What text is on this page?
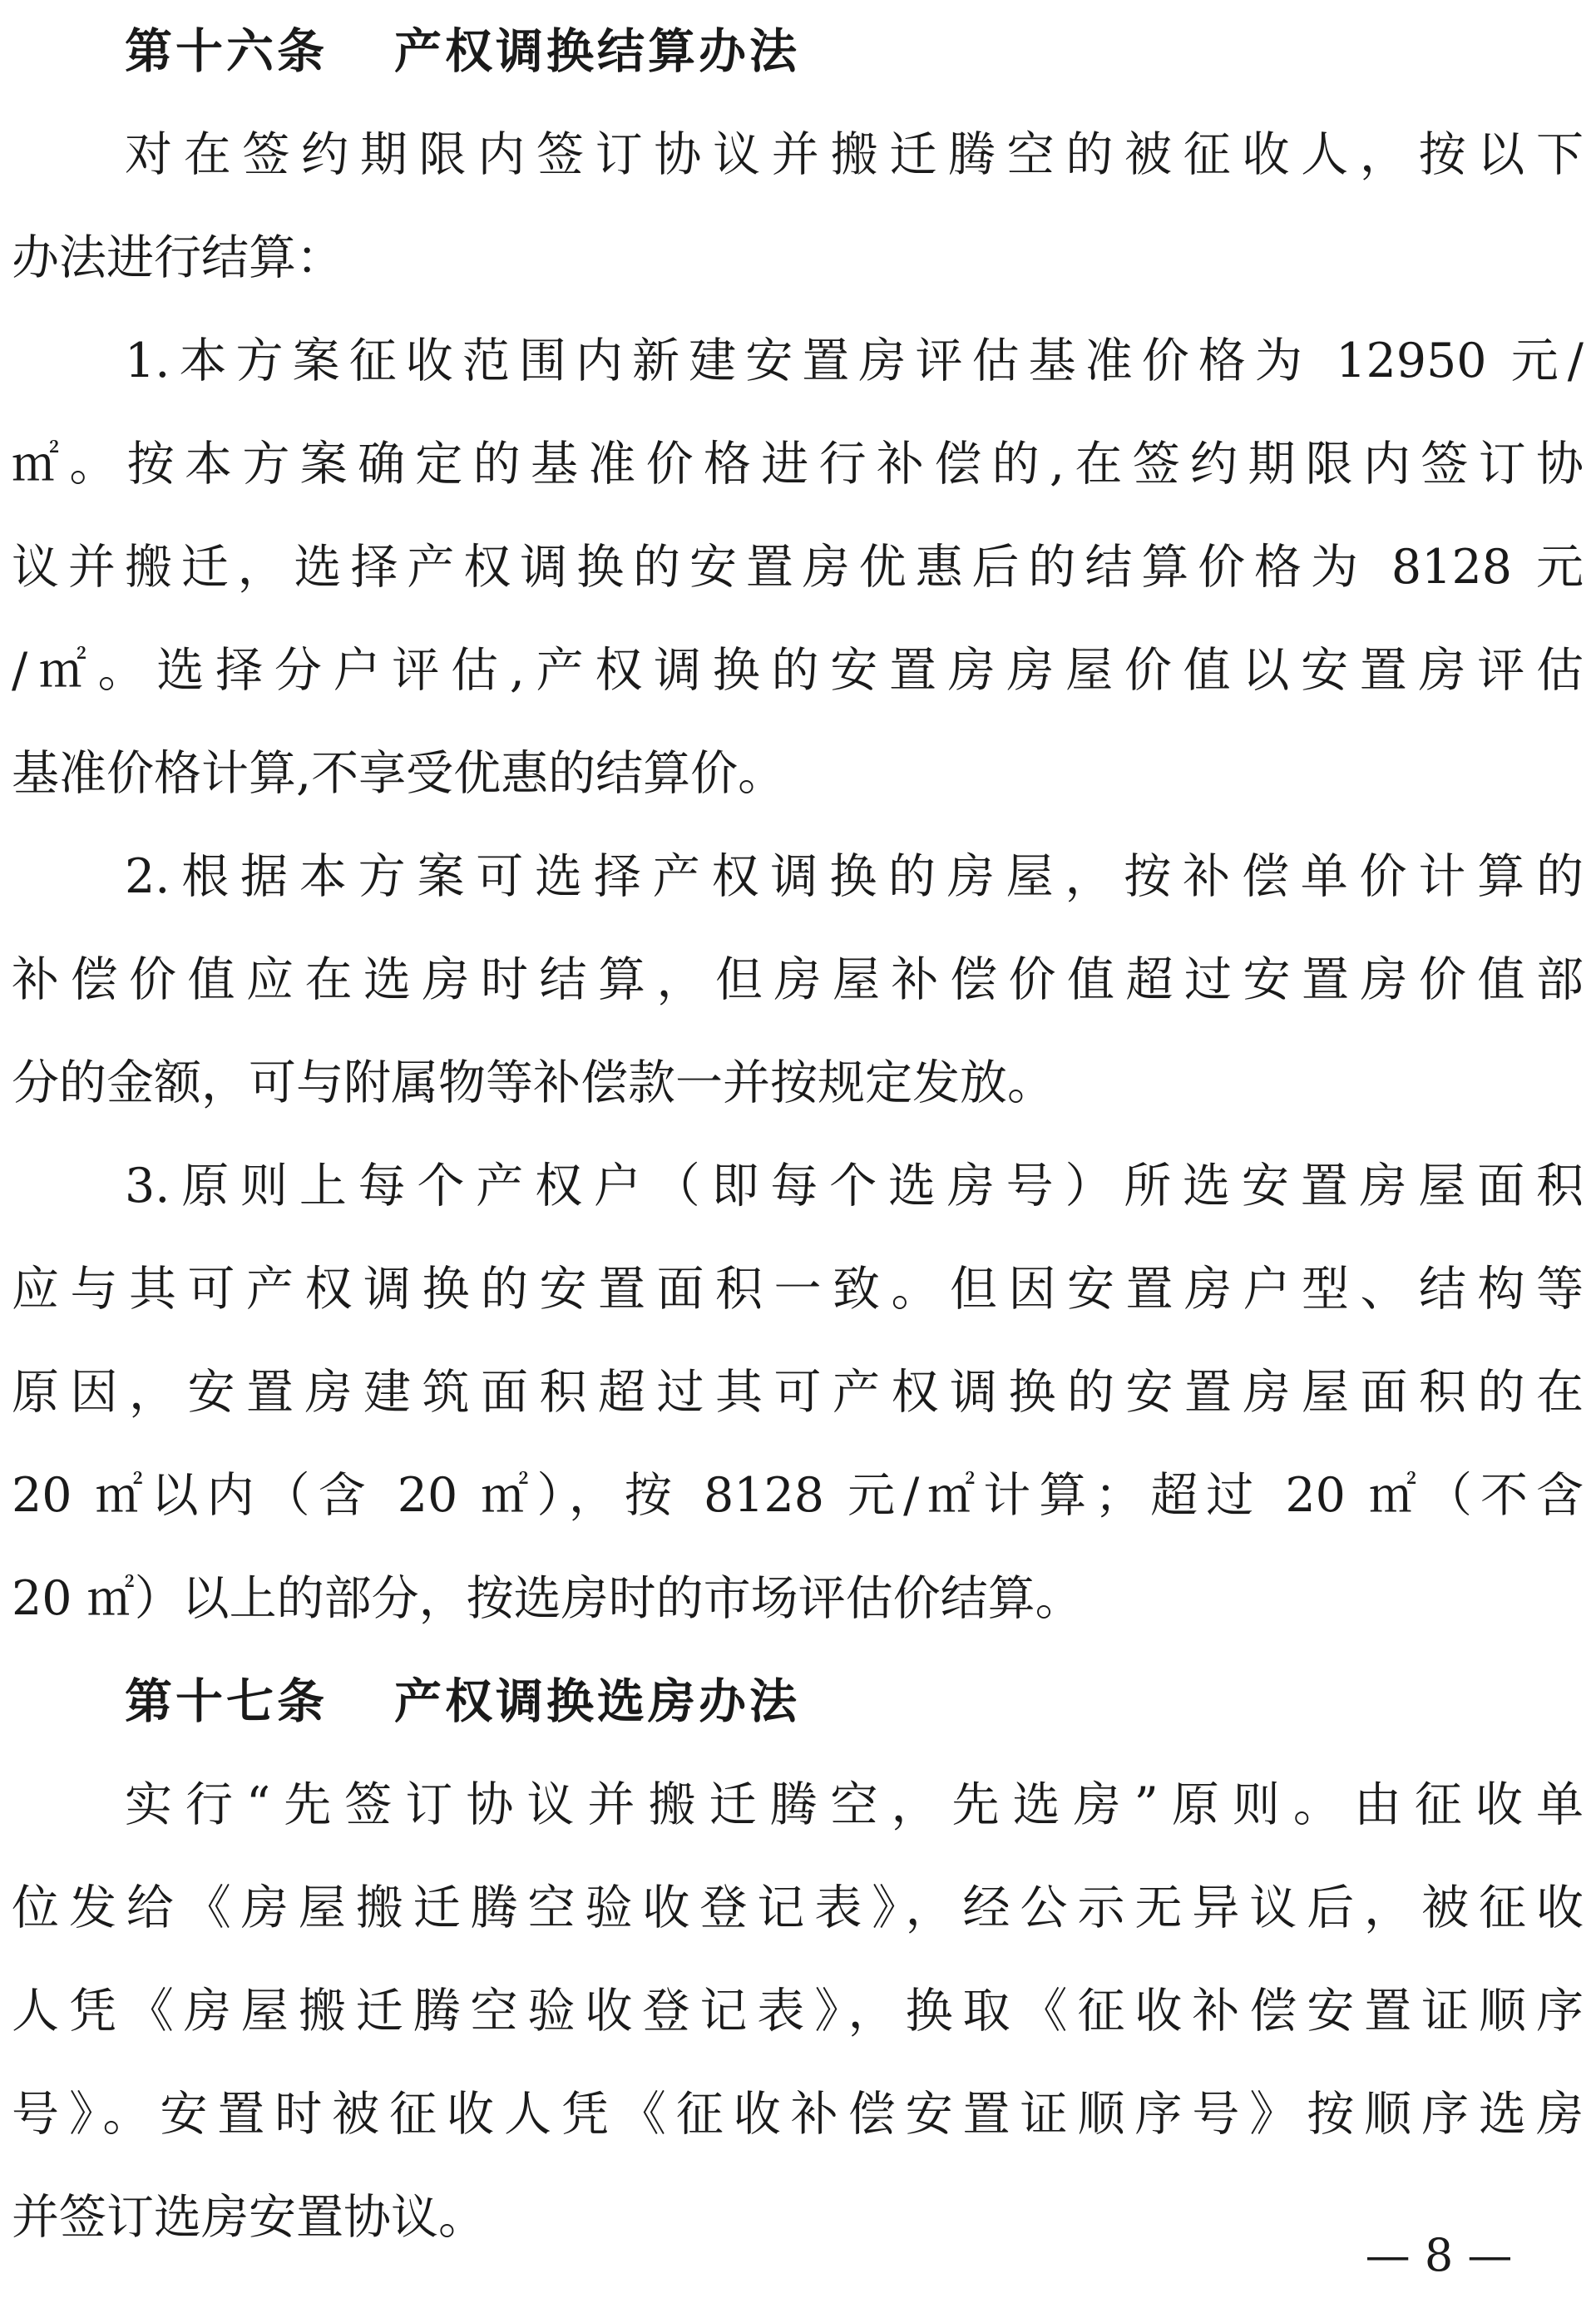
第十六条 产权调换结算办法
对在签约期限内签订协议并搬迁腾空的被征收人，按以下
办法进行结算：
1.本方案征收范围内新建安置房评估基准价格为 12950 元/
㎡。按本方案确定的基准价格进行补偿的,在签约期限内签订协
议并搬迁，选择产权调换的安置房优惠后的结算价格为 8128 元
/㎡。选择分户评估,产权调换的安置房房屋价值以安置房评估
基准价格计算,不享受优惠的结算价。
2.根据本方案可选择产权调换的房屋，按补偿单价计算的
补偿价值应在选房时结算，但房屋补偿价值超过安置房价值部
分的金额，可与附属物等补偿款一并按规定发放。
3.原则上每个产权户（即每个选房号）所选安置房屋面积
应与其可产权调换的安置面积一致。但因安置房户型、结构等
原因，安置房建筑面积超过其可产权调换的安置房屋面积的在
20 ㎡以内（含 20 ㎡），按 8128 元/㎡计算；超过 20 ㎡（不含
20 ㎡）以上的部分，按选房时的市场评估价结算。
第十七条 产权调换选房办法
实行“先签订协议并搬迁腾空，先选房”原则。由征收单
位发给《房屋搬迁腾空验收登记表》，经公示无异议后，被征收
人凭《房屋搬迁腾空验收登记表》，换取《征收补偿安置证顺序
号》。安置时被征收人凭《征收补偿安置证顺序号》按顺序选房
并签订选房安置协议。
— 8 —
